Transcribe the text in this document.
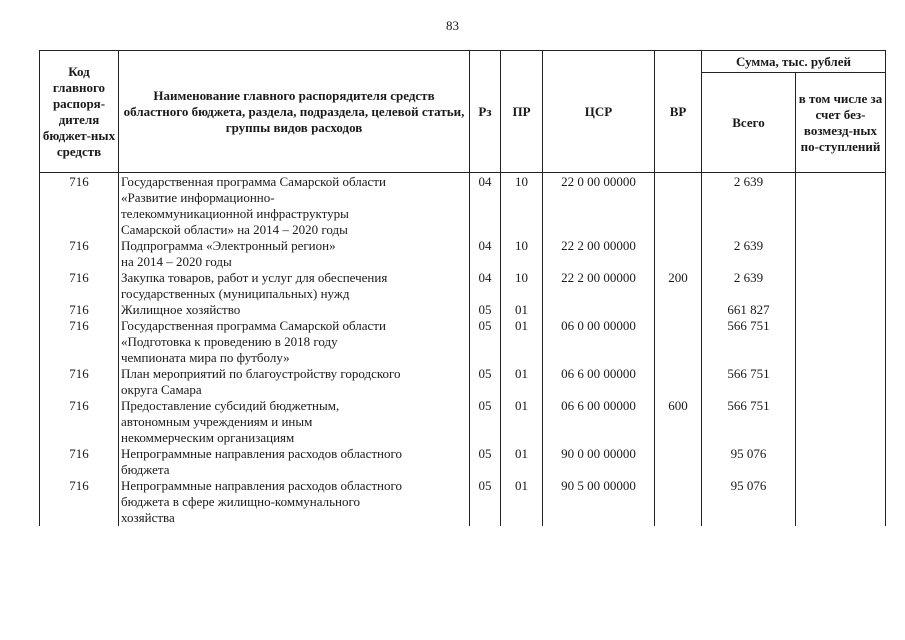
83
Код главного распоря-дителя бюджет-ных средств	Наименование главного распорядителя средств областного бюджета, раздела, подраздела, целевой статьи, группы видов расходов	Рз	ПР	ЦСР	ВР	Сумма, тыс. рублей	
						Всего	в том числе за счет без-возмезд-ных по-ступлений
716	Государственная программа Самарской области
«Развитие информационно-
телекоммуникационной инфраструктуры
Самарской области» на 2014 – 2020 годы	04	10	22 0 00 00000		2 639	
716	Подпрограмма «Электронный регион»
на 2014 – 2020 годы	04	10	22 2 00 00000		2 639	
716	Закупка товаров, работ и услуг для обеспечения
государственных (муниципальных) нужд	04	10	22 2 00 00000	200	2 639	
716	Жилищное хозяйство	05	01			661 827	
716	Государственная программа Самарской области
«Подготовка к проведению в 2018 году
чемпионата мира по футболу»	05	01	06 0 00 00000		566 751	
716	План мероприятий по благоустройству городского
округа Самара	05	01	06 6 00 00000		566 751	
716	Предоставление субсидий бюджетным,
автономным учреждениям и иным
некоммерческим организациям	05	01	06 6 00 00000	600	566 751	
716	Непрограммные направления расходов областного
бюджета	05	01	90 0 00 00000		95 076	
716	Непрограммные направления расходов областного
бюджета в сфере жилищно-коммунального
хозяйства	05	01	90 5 00 00000		95 076	
